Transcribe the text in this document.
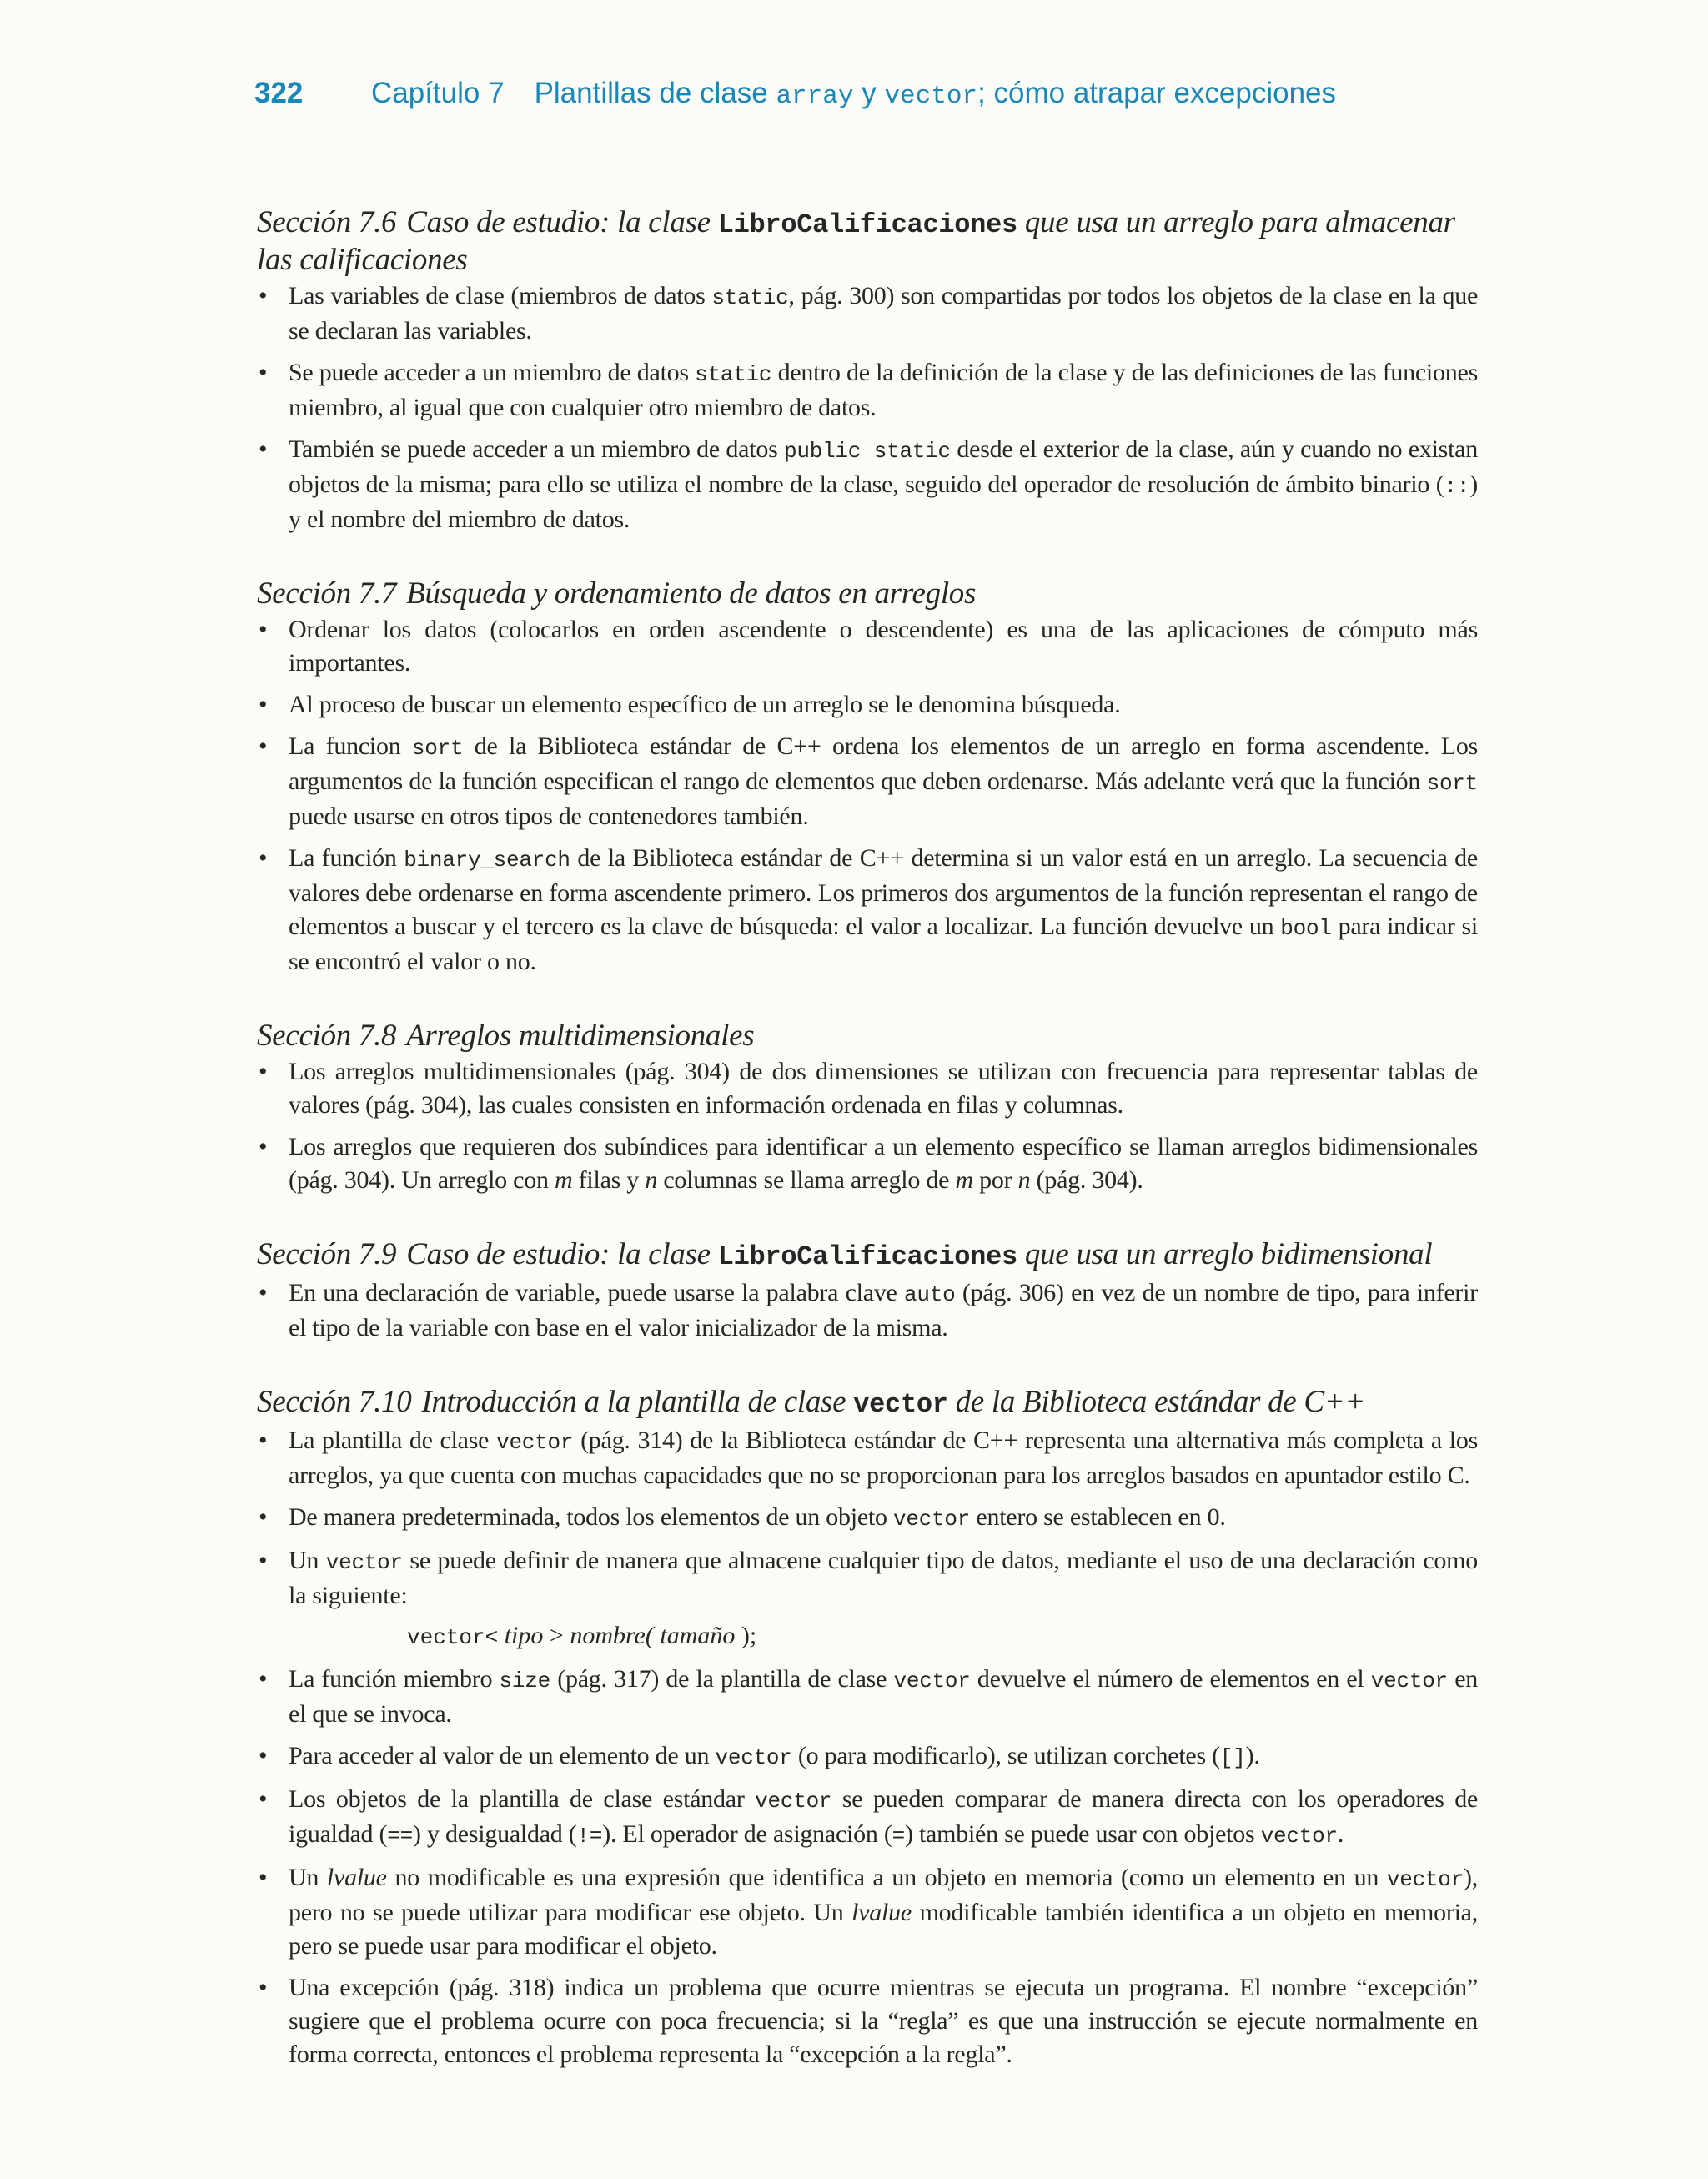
322 Capítulo 7 Plantillas de clase array y vector; cómo atrapar excepciones
Sección 7.6 Caso de estudio: la clase LibroCalificaciones que usa un arreglo para almacenar las calificaciones
• Las variables de clase (miembros de datos static, pág. 300) son compartidas por todos los objetos de la clase en la que se declaran las variables.
• Se puede acceder a un miembro de datos static dentro de la definición de la clase y de las definiciones de las funciones miembro, al igual que con cualquier otro miembro de datos.
• También se puede acceder a un miembro de datos public static desde el exterior de la clase, aún y cuando no existan objetos de la misma; para ello se utiliza el nombre de la clase, seguido del operador de resolución de ámbito binario (::) y el nombre del miembro de datos.
Sección 7.7 Búsqueda y ordenamiento de datos en arreglos
• Ordenar los datos (colocarlos en orden ascendente o descendente) es una de las aplicaciones de cómputo más importantes.
• Al proceso de buscar un elemento específico de un arreglo se le denomina búsqueda.
• La funcion sort de la Biblioteca estándar de C++ ordena los elementos de un arreglo en forma ascendente. Los argumentos de la función especifican el rango de elementos que deben ordenarse. Más adelante verá que la función sort puede usarse en otros tipos de contenedores también.
• La función binary_search de la Biblioteca estándar de C++ determina si un valor está en un arreglo. La secuencia de valores debe ordenarse en forma ascendente primero. Los primeros dos argumentos de la función representan el rango de elementos a buscar y el tercero es la clave de búsqueda: el valor a localizar. La función devuelve un bool para indicar si se encontró el valor o no.
Sección 7.8 Arreglos multidimensionales
• Los arreglos multidimensionales (pág. 304) de dos dimensiones se utilizan con frecuencia para representar tablas de valores (pág. 304), las cuales consisten en información ordenada en filas y columnas.
• Los arreglos que requieren dos subíndices para identificar a un elemento específico se llaman arreglos bidimensionales (pág. 304). Un arreglo con m filas y n columnas se llama arreglo de m por n (pág. 304).
Sección 7.9 Caso de estudio: la clase LibroCalificaciones que usa un arreglo bidimensional
• En una declaración de variable, puede usarse la palabra clave auto (pág. 306) en vez de un nombre de tipo, para inferir el tipo de la variable con base en el valor inicializador de la misma.
Sección 7.10 Introducción a la plantilla de clase vector de la Biblioteca estándar de C++
• La plantilla de clase vector (pág. 314) de la Biblioteca estándar de C++ representa una alternativa más completa a los arreglos, ya que cuenta con muchas capacidades que no se proporcionan para los arreglos basados en apuntador estilo C.
• De manera predeterminada, todos los elementos de un objeto vector entero se establecen en 0.
• Un vector se puede definir de manera que almacene cualquier tipo de datos, mediante el uso de una declaración como la siguiente:
vector< tipo > nombre( tamaño );
• La función miembro size (pág. 317) de la plantilla de clase vector devuelve el número de elementos en el vector en el que se invoca.
• Para acceder al valor de un elemento de un vector (o para modificarlo), se utilizan corchetes ([]).
• Los objetos de la plantilla de clase estándar vector se pueden comparar de manera directa con los operadores de igualdad (==) y desigualdad (!=). El operador de asignación (=) también se puede usar con objetos vector.
• Un lvalue no modificable es una expresión que identifica a un objeto en memoria (como un elemento en un vector), pero no se puede utilizar para modificar ese objeto. Un lvalue modificable también identifica a un objeto en memoria, pero se puede usar para modificar el objeto.
• Una excepción (pág. 318) indica un problema que ocurre mientras se ejecuta un programa. El nombre “excepción” sugiere que el problema ocurre con poca frecuencia; si la “regla” es que una instrucción se ejecute normalmente en forma correcta, entonces el problema representa la “excepción a la regla”.
